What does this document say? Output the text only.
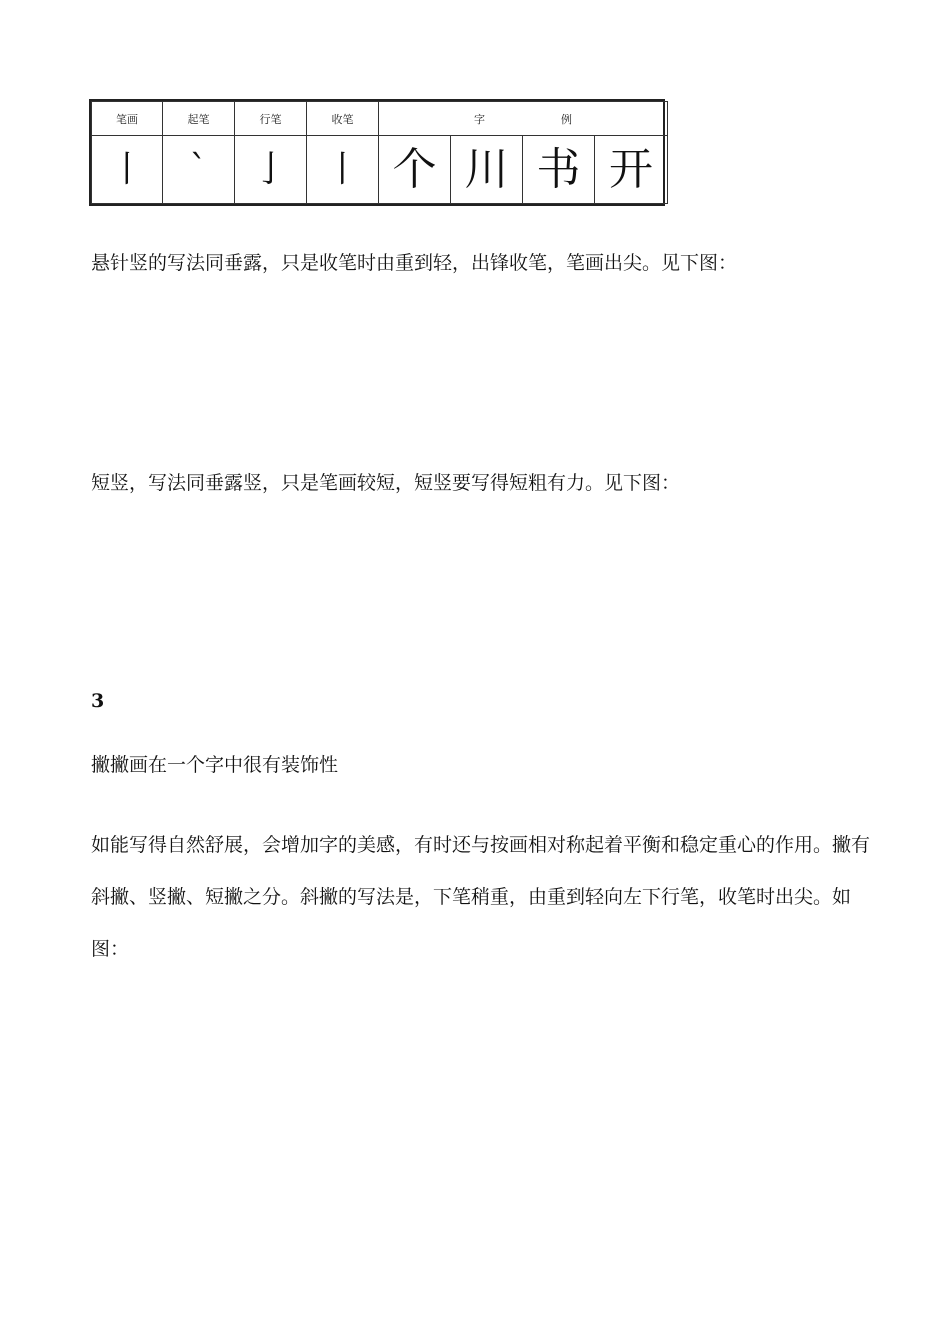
笔画	起笔	行笔	收笔	字 例			
丨	ˋ	亅	丨	个	川	书	开

悬针竖的写法同垂露，只是收笔时由重到轻，出锋收笔，笔画出尖。见下图：

短竖，写法同垂露竖，只是笔画较短，短竖要写得短粗有力。见下图：

3

撇撇画在一个字中很有装饰性

如能写得自然舒展，会增加字的美感，有时还与按画相对称起着平衡和稳定重心的作用。撇有斜撇、竖撇、短撇之分。斜撇的写法是，下笔稍重，由重到轻向左下行笔，收笔时出尖。如图：
